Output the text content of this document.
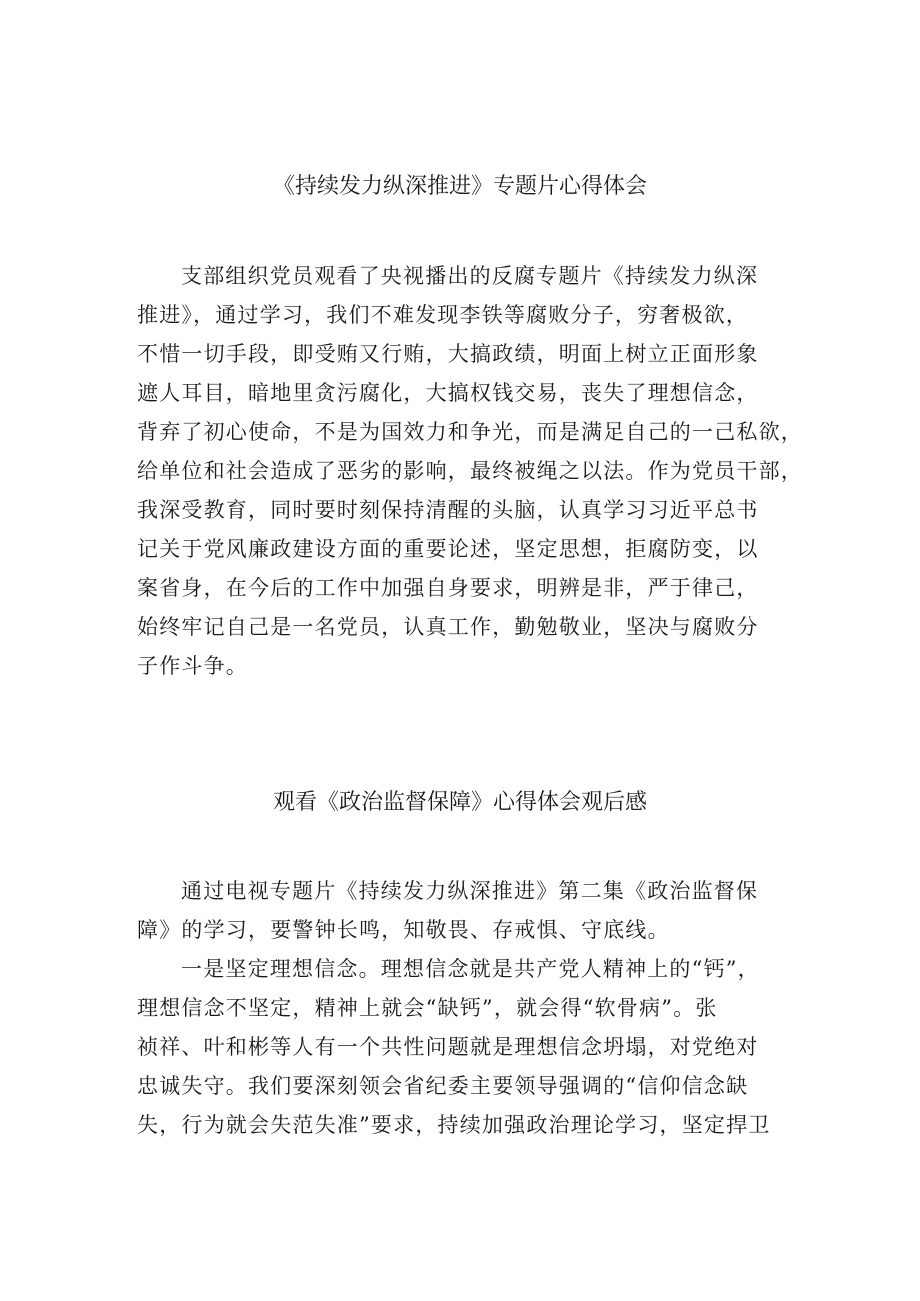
《持续发力纵深推进》专题片心得体会
支部组织党员观看了央视播出的反腐专题片《持续发力纵深
推进》，通过学习，我们不难发现李铁等腐败分子，穷奢极欲，
不惜一切手段，即受贿又行贿，大搞政绩，明面上树立正面形象
遮人耳目，暗地里贪污腐化，大搞权钱交易，丧失了理想信念，
背弃了初心使命，不是为国效力和争光，而是满足自己的一己私欲，
给单位和社会造成了恶劣的影响，最终被绳之以法。作为党员干部，
我深受教育，同时要时刻保持清醒的头脑，认真学习习近平总书
记关于党风廉政建设方面的重要论述，坚定思想，拒腐防变，以
案省身，在今后的工作中加强自身要求，明辨是非，严于律己，
始终牢记自己是一名党员，认真工作，勤勉敬业，坚决与腐败分
子作斗争。
观看《政治监督保障》心得体会观后感
通过电视专题片《持续发力纵深推进》第二集《政治监督保
障》的学习，要警钟长鸣，知敬畏、存戒惧、守底线。
一是坚定理想信念。理想信念就是共产党人精神上的“钙”，
理想信念不坚定，精神上就会“缺钙”，就会得“软骨病”。张
祯祥、叶和彬等人有一个共性问题就是理想信念坍塌，对党绝对
忠诚失守。我们要深刻领会省纪委主要领导强调的“信仰信念缺
失，行为就会失范失准”要求，持续加强政治理论学习，坚定捍卫
